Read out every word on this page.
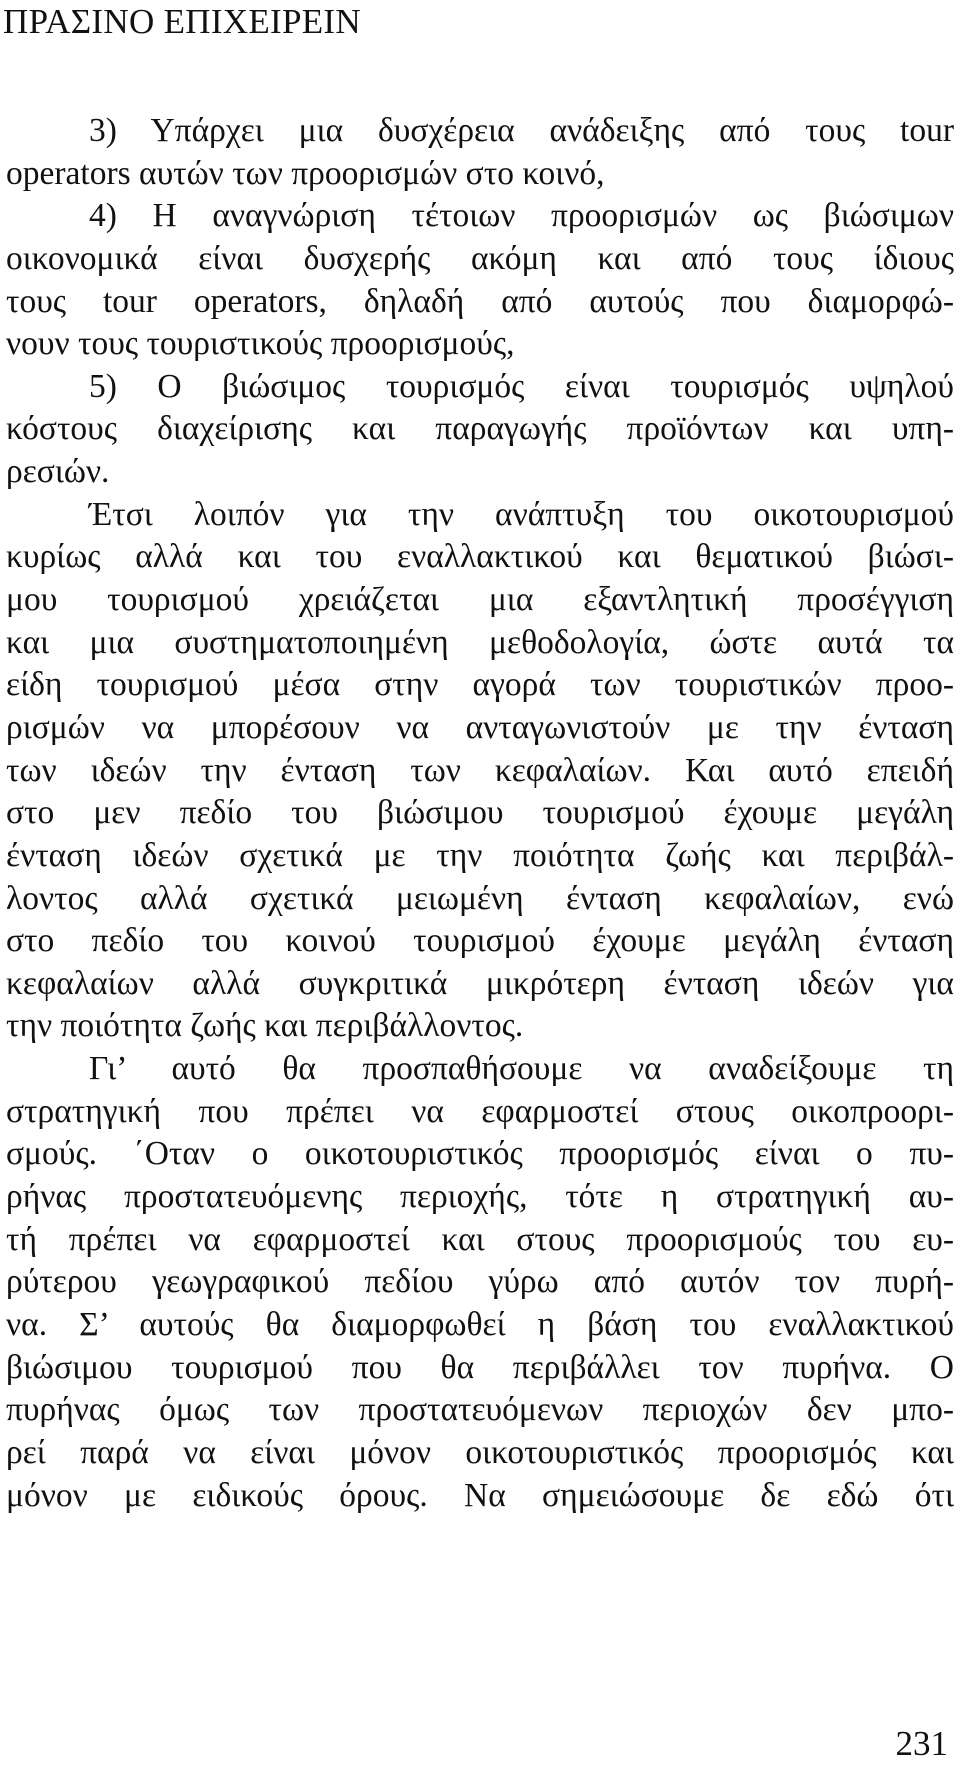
ΠΡΑΣΙΝΟ ΕΠΙΧΕΙΡΕΙΝ
3) Υπάρχει μια δυσχέρεια ανάδειξης από τους tour
operators αυτών των προορισμών στο κοινό,
4) Η αναγνώριση τέτοιων προορισμών ως βιώσιμων
οικονομικά είναι δυσχερής ακόμη και από τους ίδιους
τους tour operators, δηλαδή από αυτούς που διαμορφώ-
νουν τους τουριστικούς προορισμούς,
5) Ο βιώσιμος τουρισμός είναι τουρισμός υψηλού
κόστους διαχείρισης και παραγωγής προϊόντων και υπη-
ρεσιών.
Έτσι λοιπόν για την ανάπτυξη του οικοτουρισμού
κυρίως αλλά και του εναλλακτικού και θεματικού βιώσι-
μου τουρισμού χρειάζεται μια εξαντλητική προσέγγιση
και μια συστηματοποιημένη μεθοδολογία, ώστε αυτά τα
είδη τουρισμού μέσα στην αγορά των τουριστικών προο-
ρισμών να μπορέσουν να ανταγωνιστούν με την ένταση
των ιδεών την ένταση των κεφαλαίων. Και αυτό επειδή
στο μεν πεδίο του βιώσιμου τουρισμού έχουμε μεγάλη
ένταση ιδεών σχετικά με την ποιότητα ζωής και περιβάλ-
λοντος αλλά σχετικά μειωμένη ένταση κεφαλαίων, ενώ
στο πεδίο του κοινού τουρισμού έχουμε μεγάλη ένταση
κεφαλαίων αλλά συγκριτικά μικρότερη ένταση ιδεών για
την ποιότητα ζωής και περιβάλλοντος.
Γι’ αυτό θα προσπαθήσουμε να αναδείξουμε τη
στρατηγική που πρέπει να εφαρμοστεί στους οικοπροορι-
σμούς. ΄Οταν ο οικοτουριστικός προορισμός είναι ο πυ-
ρήνας προστατευόμενης περιοχής, τότε η στρατηγική αυ-
τή πρέπει να εφαρμοστεί και στους προορισμούς του ευ-
ρύτερου γεωγραφικού πεδίου γύρω από αυτόν τον πυρή-
να. Σ’ αυτούς θα διαμορφωθεί η βάση του εναλλακτικού
βιώσιμου τουρισμού που θα περιβάλλει τον πυρήνα. Ο
πυρήνας όμως των προστατευόμενων περιοχών δεν μπο-
ρεί παρά να είναι μόνον οικοτουριστικός προορισμός και
μόνον με ειδικούς όρους. Να σημειώσουμε δε εδώ ότι
231
